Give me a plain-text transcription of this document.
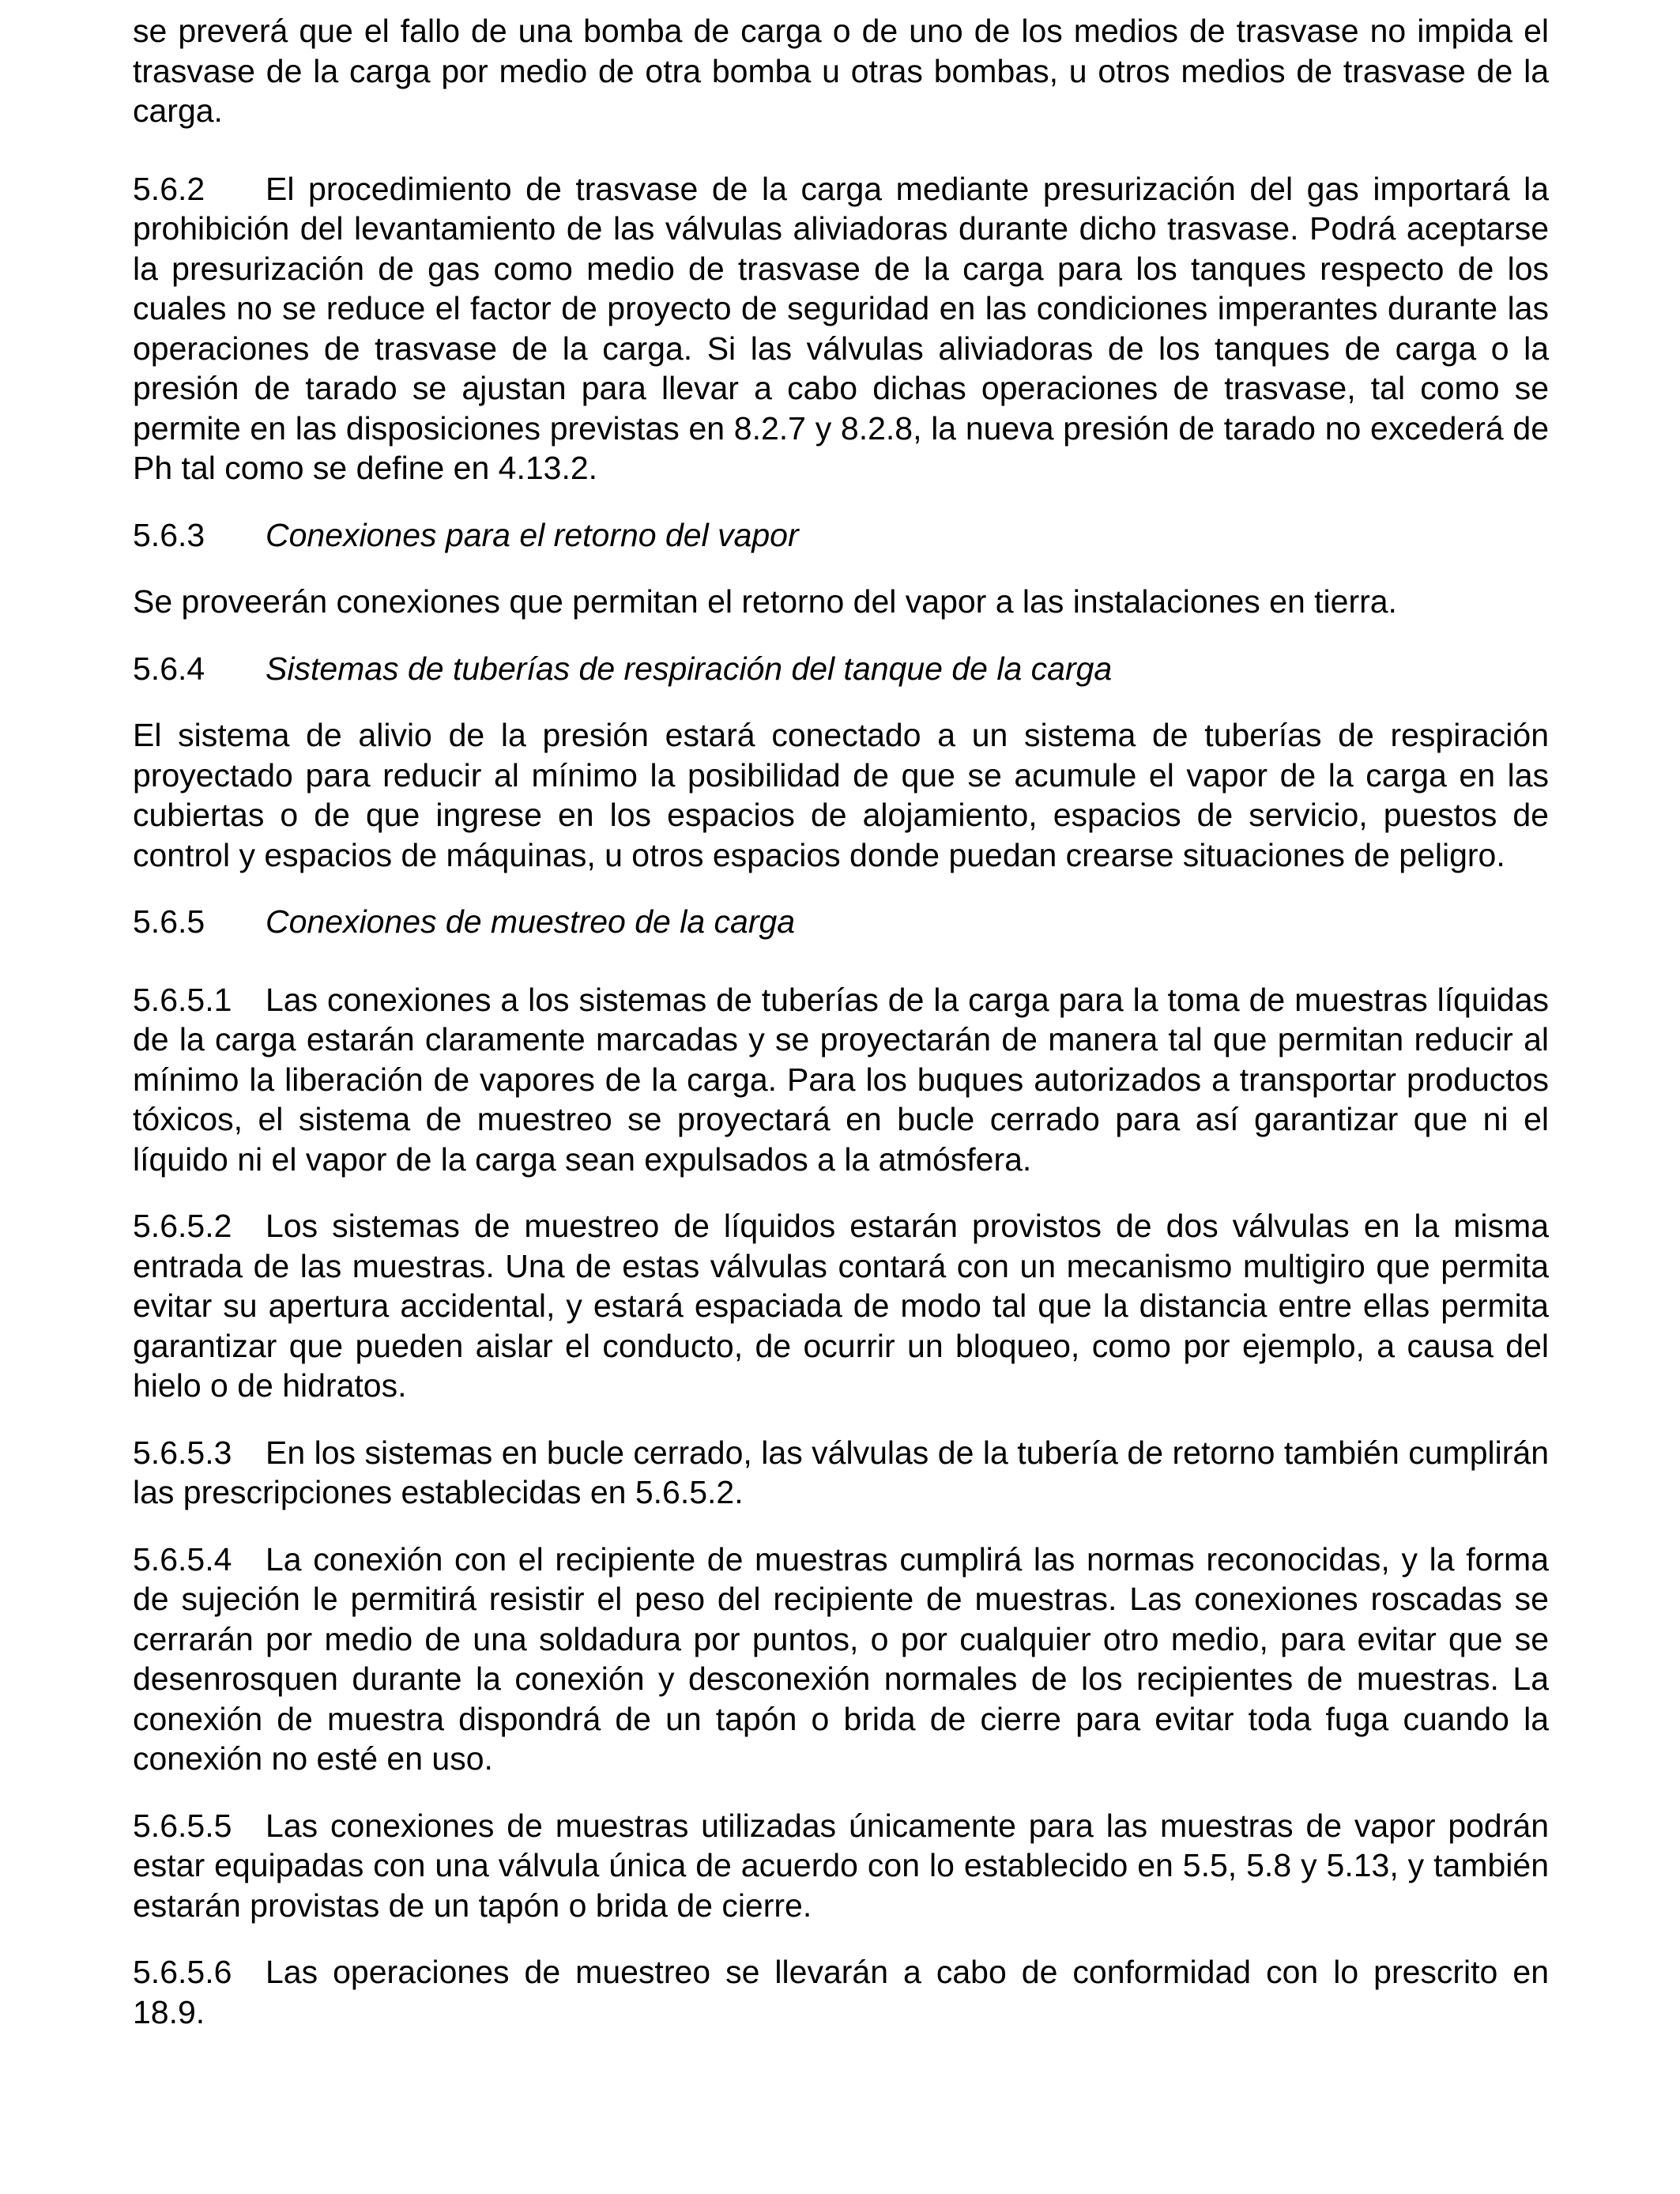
se preverá que el fallo de una bomba de carga o de uno de los medios de trasvase no impida el trasvase de la carga por medio de otra bomba u otras bombas, u otros medios de trasvase de la carga.

5.6.2 El procedimiento de trasvase de la carga mediante presurización del gas importará la prohibición del levantamiento de las válvulas aliviadoras durante dicho trasvase. Podrá aceptarse la presurización de gas como medio de trasvase de la carga para los tanques respecto de los cuales no se reduce el factor de proyecto de seguridad en las condiciones imperantes durante las operaciones de trasvase de la carga. Si las válvulas aliviadoras de los tanques de carga o la presión de tarado se ajustan para llevar a cabo dichas operaciones de trasvase, tal como se permite en las disposiciones previstas en 8.2.7 y 8.2.8, la nueva presión de tarado no excederá de Ph tal como se define en 4.13.2.

5.6.3 Conexiones para el retorno del vapor

Se proveerán conexiones que permitan el retorno del vapor a las instalaciones en tierra.

5.6.4 Sistemas de tuberías de respiración del tanque de la carga

El sistema de alivio de la presión estará conectado a un sistema de tuberías de respiración proyectado para reducir al mínimo la posibilidad de que se acumule el vapor de la carga en las cubiertas o de que ingrese en los espacios de alojamiento, espacios de servicio, puestos de control y espacios de máquinas, u otros espacios donde puedan crearse situaciones de peligro.

5.6.5 Conexiones de muestreo de la carga

5.6.5.1 Las conexiones a los sistemas de tuberías de la carga para la toma de muestras líquidas de la carga estarán claramente marcadas y se proyectarán de manera tal que permitan reducir al mínimo la liberación de vapores de la carga. Para los buques autorizados a transportar productos tóxicos, el sistema de muestreo se proyectará en bucle cerrado para así garantizar que ni el líquido ni el vapor de la carga sean expulsados a la atmósfera.

5.6.5.2 Los sistemas de muestreo de líquidos estarán provistos de dos válvulas en la misma entrada de las muestras. Una de estas válvulas contará con un mecanismo multigiro que permita evitar su apertura accidental, y estará espaciada de modo tal que la distancia entre ellas permita garantizar que pueden aislar el conducto, de ocurrir un bloqueo, como por ejemplo, a causa del hielo o de hidratos.

5.6.5.3 En los sistemas en bucle cerrado, las válvulas de la tubería de retorno también cumplirán las prescripciones establecidas en 5.6.5.2.

5.6.5.4 La conexión con el recipiente de muestras cumplirá las normas reconocidas, y la forma de sujeción le permitirá resistir el peso del recipiente de muestras. Las conexiones roscadas se cerrarán por medio de una soldadura por puntos, o por cualquier otro medio, para evitar que se desenrosquen durante la conexión y desconexión normales de los recipientes de muestras. La conexión de muestra dispondrá de un tapón o brida de cierre para evitar toda fuga cuando la conexión no esté en uso.

5.6.5.5 Las conexiones de muestras utilizadas únicamente para las muestras de vapor podrán estar equipadas con una válvula única de acuerdo con lo establecido en 5.5, 5.8 y 5.13, y también estarán provistas de un tapón o brida de cierre.

5.6.5.6 Las operaciones de muestreo se llevarán a cabo de conformidad con lo prescrito en 18.9.
